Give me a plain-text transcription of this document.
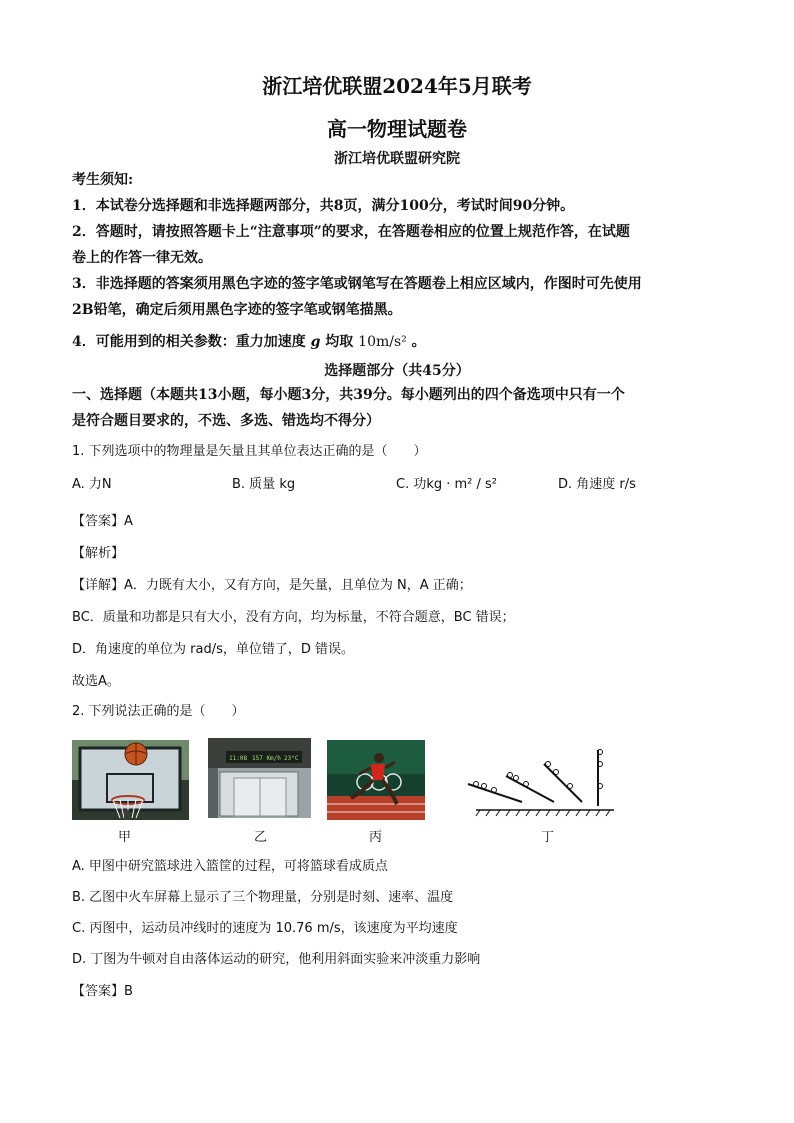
浙江培优联盟2024年5月联考
高一物理试题卷
浙江培优联盟研究院
考生须知:
1．本试卷分选择题和非选择题两部分，共8页，满分100分，考试时间90分钟。
2．答题时，请按照答题卡上“注意事项”的要求，在答题卷相应的位置上规范作答，在试题
卷上的作答一律无效。
3．非选择题的答案须用黑色字迹的签字笔或钢笔写在答题卷上相应区域内，作图时可先使用
2B铅笔，确定后须用黑色字迹的签字笔或钢笔描黑。
4．可能用到的相关参数：重力加速度 g 均取 10m/s² 。
选择题部分（共45分）
一、选择题（本题共13小题，每小题3分，共39分。每小题列出的四个备选项中只有一个
是符合题目要求的，不选、多选、错选均不得分）
1. 下列选项中的物理量是矢量且其单位表达正确的是（　　）
A. 力N	B. 质量 kg	C. 功kg · m² / s²	D. 角速度 r/s
【答案】A
【解析】
【详解】A．力既有大小，又有方向，是矢量，且单位为 N，A 正确；
BC．质量和功都是只有大小，没有方向，均为标量，不符合题意，BC 错误；
D．角速度的单位为 rad/s，单位错了，D 错误。
故选A。
2. 下列说法正确的是（　　）
11:08 157 Km/h 23°C
甲	乙	丙	丁
A. 甲图中研究篮球进入篮筐的过程，可将篮球看成质点
B. 乙图中火车屏幕上显示了三个物理量，分别是时刻、速率、温度
C. 丙图中，运动员冲线时的速度为 10.76 m/s，该速度为平均速度
D. 丁图为牛顿对自由落体运动的研究，他利用斜面实验来冲淡重力影响
【答案】B
